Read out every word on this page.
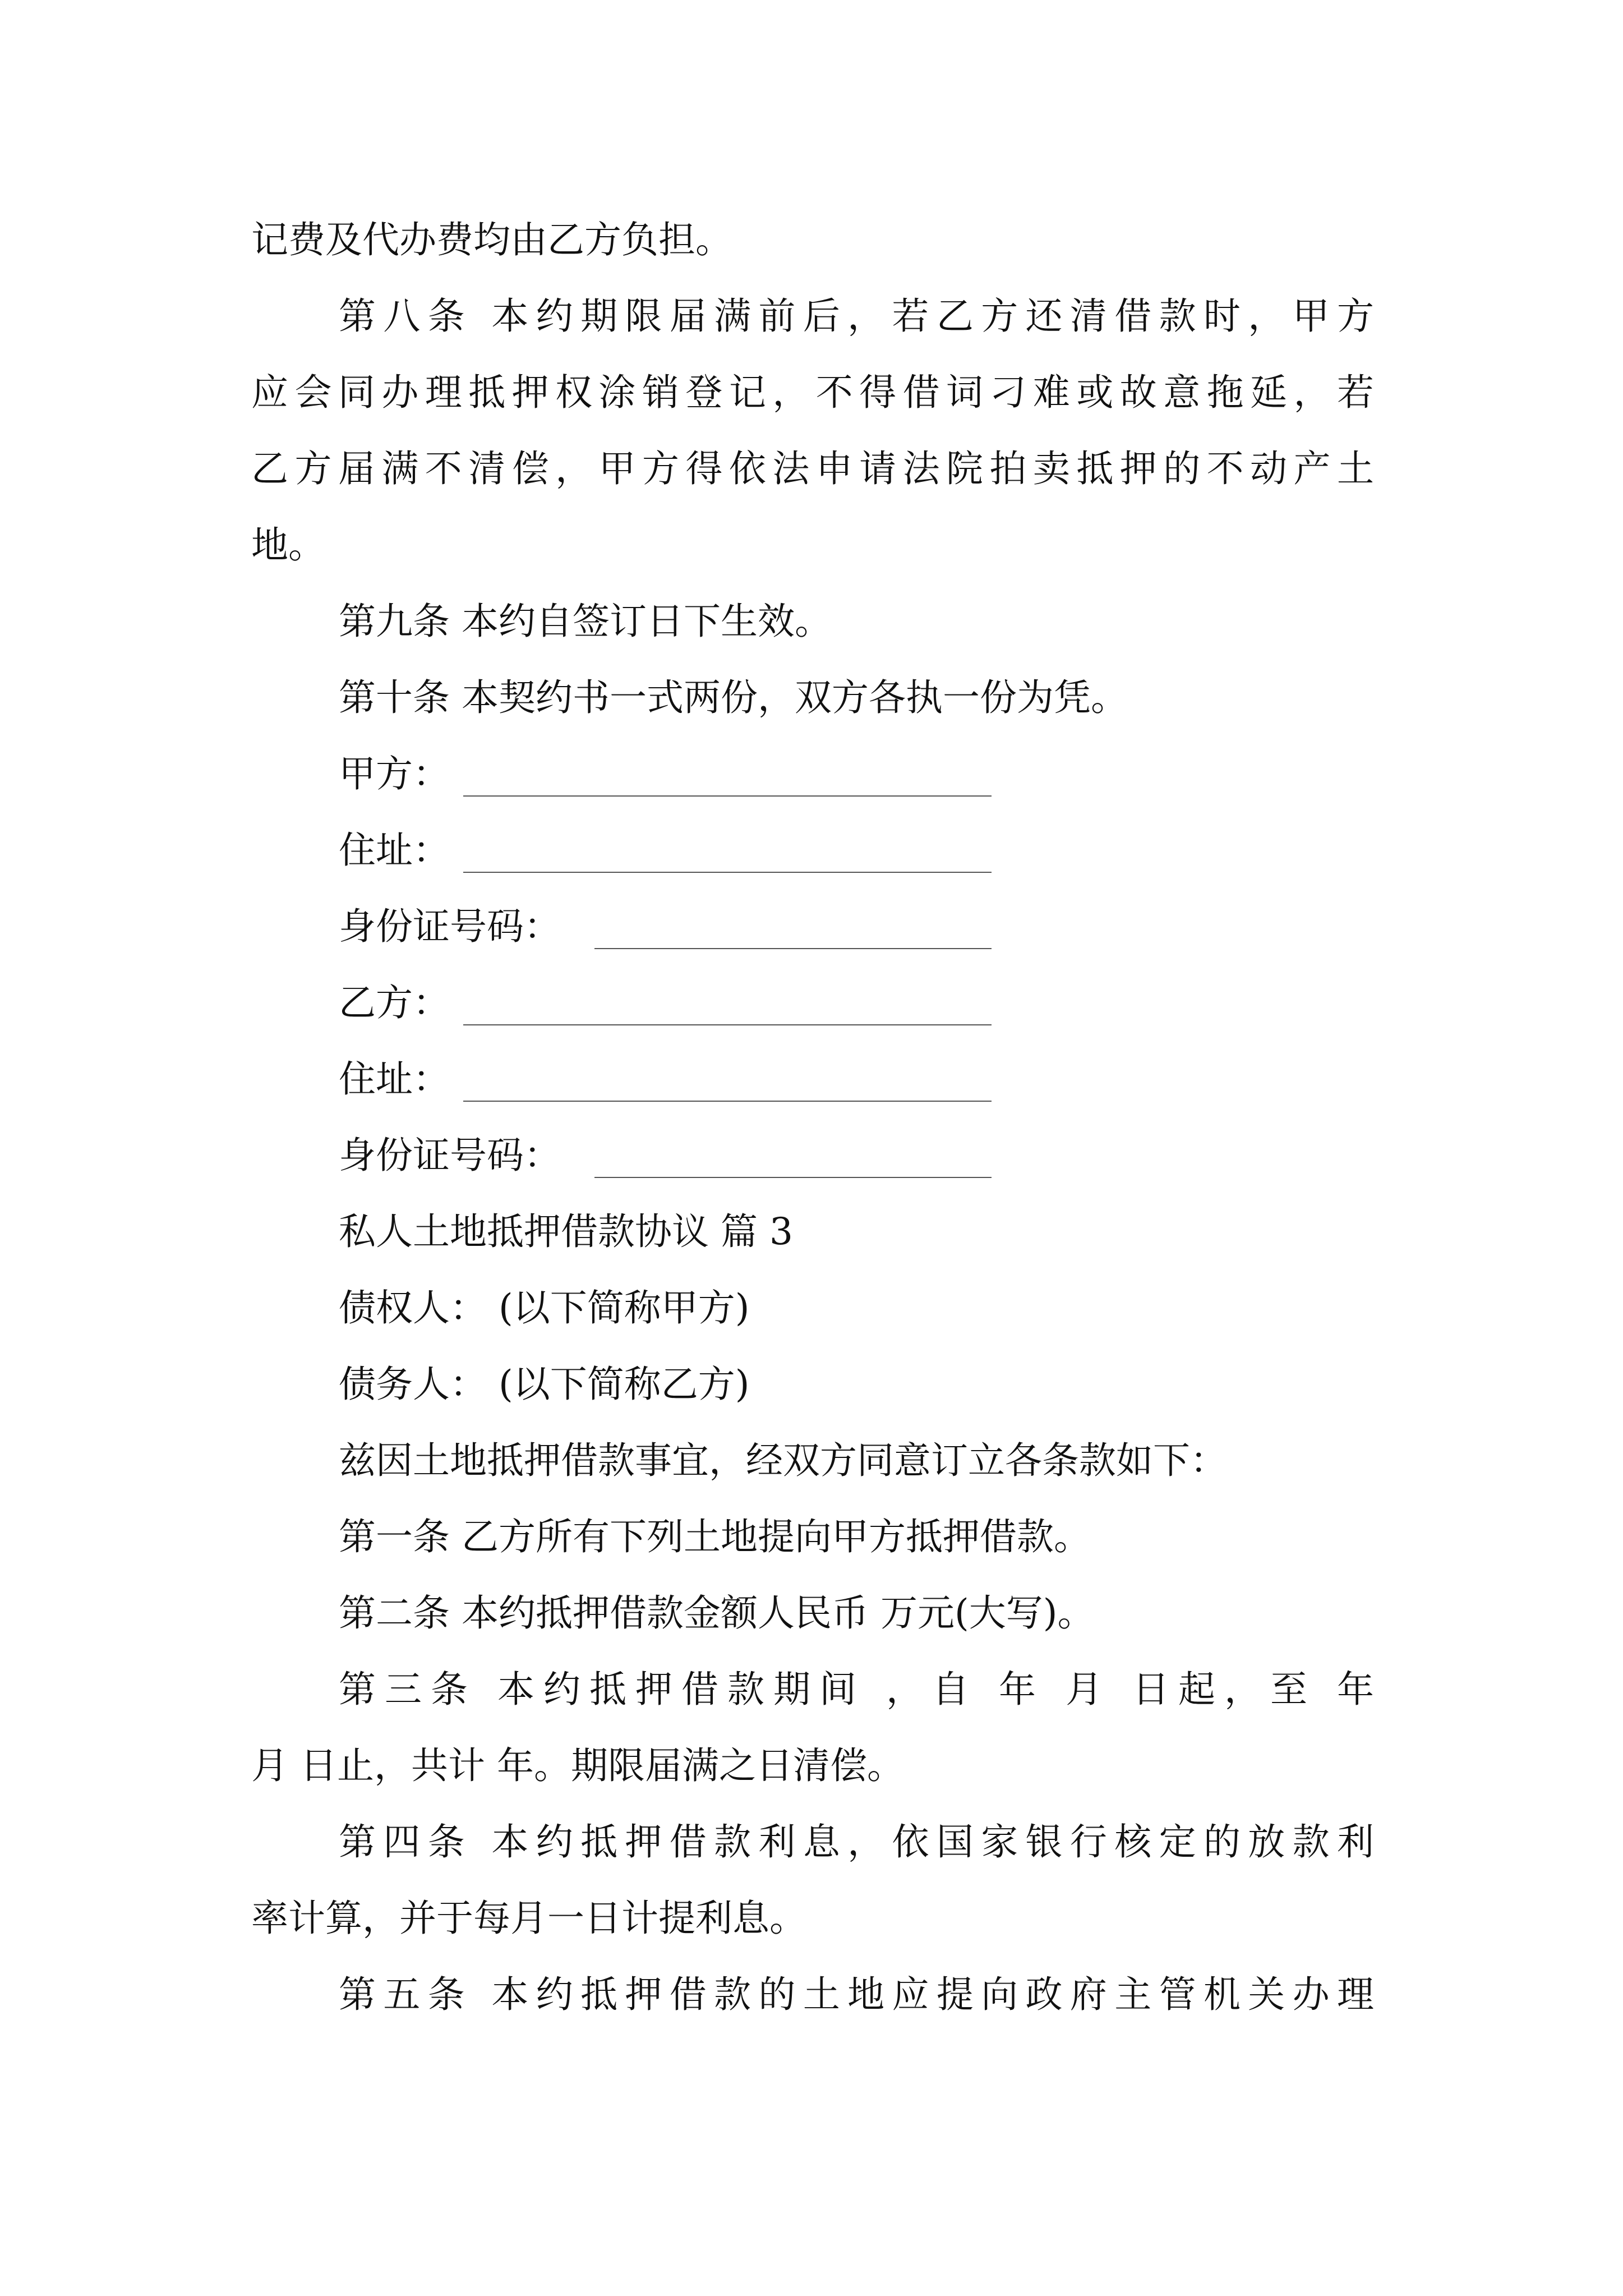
记费及代办费均由乙方负担。
第八条 本约期限届满前后，若乙方还清借款时，甲方
应会同办理抵押权涂销登记，不得借词刁难或故意拖延，若
乙方届满不清偿，甲方得依法申请法院拍卖抵押的不动产土
地。
第九条 本约自签订日下生效。
第十条 本契约书一式两份，双方各执一份为凭。
甲方：
住址：
身份证号码：
乙方：
住址：
身份证号码：
私人土地抵押借款协议 篇 3
债权人： (以下简称甲方)
债务人： (以下简称乙方)
兹因土地抵押借款事宜，经双方同意订立各条款如下：
第一条 乙方所有下列土地提向甲方抵押借款。
第二条 本约抵押借款金额人民币 万元(大写)。
第三条 本约抵押借款期间 ，自 年 月 日起，至 年
月 日止，共计 年。期限届满之日清偿。
第四条 本约抵押借款利息，依国家银行核定的放款利
率计算，并于每月一日计提利息。
第五条 本约抵押借款的土地应提向政府主管机关办理
